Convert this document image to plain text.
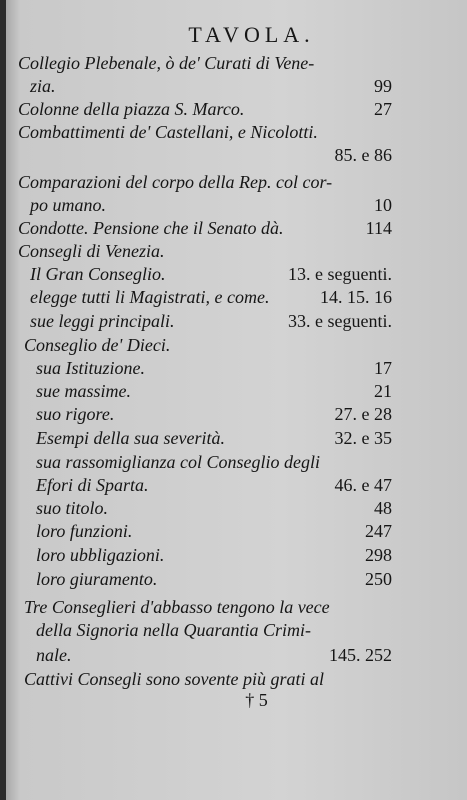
TAVOLA.
Collegio Plebenale, ò de' Curati di Vene-
zia.	99
Colonne della piazza S. Marco.	27
Combattimenti de' Castellani, e Nicolotti.
85. e 86
Comparazioni del corpo della Rep. col cor-
po umano.	10
Condotte. Pensione che il Senato dà.	114
Consegli di Venezia.
Il Gran Conseglio.	13. e seguenti.
elegge tutti li Magistrati, e come.	14. 15. 16
sue leggi principali.	33. e seguenti.
Conseglio de' Dieci.
sua Istituzione.	17
sue massime.	21
suo rigore.	27. e 28
Esempi della sua severità.	32. e 35
sua rassomiglianza col Conseglio degli
Efori di Sparta.	46. e 47
suo titolo.	48
loro funzioni.	247
loro ubbligazioni.	298
loro giuramento.	250
Tre Conseglieri d'abbasso tengono la vece
della Signoria nella Quarantia Crimi-
nale.	145. 252
Cattivi Consegli sono sovente più grati al
† 5
